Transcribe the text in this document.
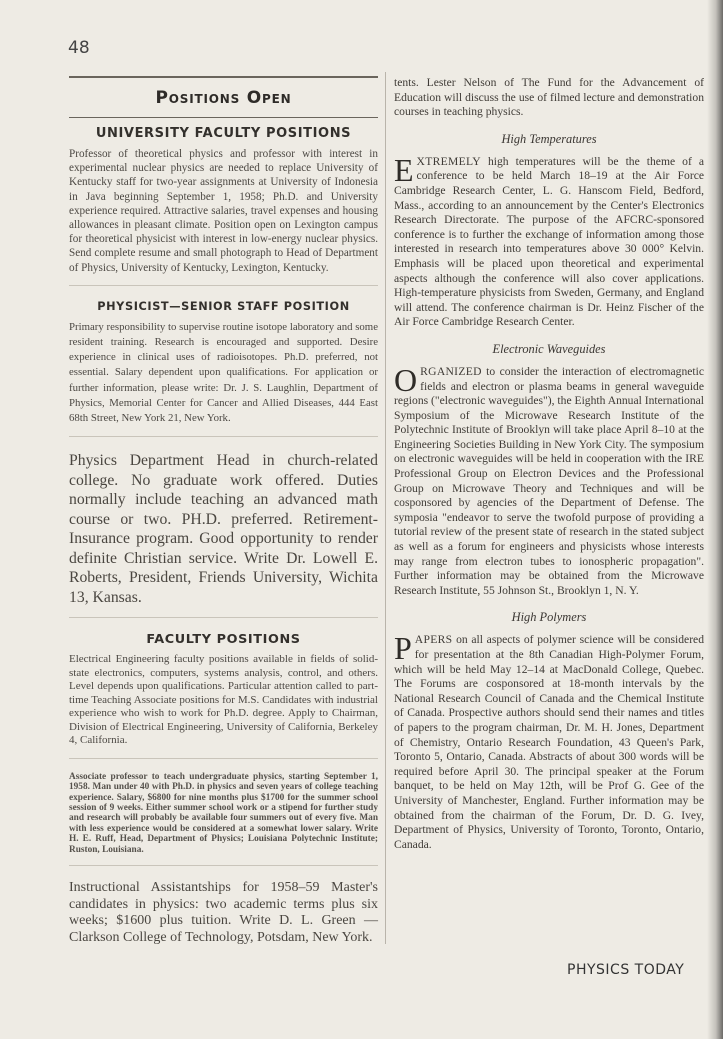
48
Positions Open
UNIVERSITY FACULTY POSITIONS

Professor of theoretical physics and professor with interest in experimental nuclear physics are needed to replace University of Kentucky staff for two-year assignments at University of Indonesia in Java beginning September 1, 1958; Ph.D. and University experience required. Attractive salaries, travel expenses and housing allowances in pleasant climate. Position open on Lexington campus for theoretical physicist with interest in low-energy nuclear physics. Send complete resume and small photograph to Head of Department of Physics, University of Kentucky, Lexington, Kentucky.

PHYSICIST—SENIOR STAFF POSITION

Primary responsibility to supervise routine isotope laboratory and some resident training. Research is encouraged and supported. Desire experience in clinical uses of radioisotopes. Ph.D. preferred, not essential. Salary dependent upon qualifications. For application or further information, please write: Dr. J. S. Laughlin, Department of Physics, Memorial Center for Cancer and Allied Diseases, 444 East 68th Street, New York 21, New York.

Physics Department Head in church-related college. No graduate work offered. Duties normally include teaching an advanced math course or two. PH.D. preferred. Retirement-Insurance program. Good opportunity to render definite Christian service. Write Dr. Lowell E. Roberts, President, Friends University, Wichita 13, Kansas.

FACULTY POSITIONS

Electrical Engineering faculty positions available in fields of solid-state electronics, computers, systems analysis, control, and others. Level depends upon qualifications. Particular attention called to part-time Teaching Associate positions for M.S. Candidates with industrial experience who wish to work for Ph.D. degree. Apply to Chairman, Division of Electrical Engineering, University of California, Berkeley 4, California.

Associate professor to teach undergraduate physics, starting September 1, 1958. Man under 40 with Ph.D. in physics and seven years of college teaching experience. Salary, $6800 for nine months plus $1700 for the summer school session of 9 weeks. Either summer school work or a stipend for further study and research will probably be available four summers out of every five. Man with less experience would be considered at a somewhat lower salary. Write H. E. Ruff, Head, Department of Physics; Louisiana Polytechnic Institute; Ruston, Louisiana.

Instructional Assistantships for 1958–59 Master's candidates in physics: two academic terms plus six weeks; $1600 plus tuition. Write D. L. Green —Clarkson College of Technology, Potsdam, New York.

tents. Lester Nelson of The Fund for the Advancement of Education will discuss the use of filmed lecture and demonstration courses in teaching physics.

High Temperatures

EXTREMELY high temperatures will be the theme of a conference to be held March 18–19 at the Air Force Cambridge Research Center, L. G. Hanscom Field, Bedford, Mass., according to an announcement by the Center's Electronics Research Directorate. The purpose of the AFCRC-sponsored conference is to further the exchange of information among those interested in research into temperatures above 30 000° Kelvin. Emphasis will be placed upon theoretical and experimental aspects although the conference will also cover applications. High-temperature physicists from Sweden, Germany, and England will attend. The conference chairman is Dr. Heinz Fischer of the Air Force Cambridge Research Center.

Electronic Waveguides

ORGANIZED to consider the interaction of electromagnetic fields and electron or plasma beams in general waveguide regions ("electronic waveguides"), the Eighth Annual International Symposium of the Microwave Research Institute of the Polytechnic Institute of Brooklyn will take place April 8–10 at the Engineering Societies Building in New York City. The symposium on electronic waveguides will be held in cooperation with the IRE Professional Group on Electron Devices and the Professional Group on Microwave Theory and Techniques and will be cosponsored by agencies of the Department of Defense. The symposia "endeavor to serve the twofold purpose of providing a tutorial review of the present state of research in the stated subject as well as a forum for engineers and physicists whose interests may range from electron tubes to ionospheric propagation". Further information may be obtained from the Microwave Research Institute, 55 Johnson St., Brooklyn 1, N. Y.

High Polymers

PAPERS on all aspects of polymer science will be considered for presentation at the 8th Canadian High-Polymer Forum, which will be held May 12–14 at MacDonald College, Quebec. The Forums are cosponsored at 18-month intervals by the National Research Council of Canada and the Chemical Institute of Canada. Prospective authors should send their names and titles of papers to the program chairman, Dr. M. H. Jones, Department of Chemistry, Ontario Research Foundation, 43 Queen's Park, Toronto 5, Ontario, Canada. Abstracts of about 300 words will be required before April 30. The principal speaker at the Forum banquet, to be held on May 12th, will be Prof G. Gee of the University of Manchester, England. Further information may be obtained from the chairman of the Forum, Dr. D. G. Ivey, Department of Physics, University of Toronto, Toronto, Ontario, Canada.

PHYSICS TODAY
